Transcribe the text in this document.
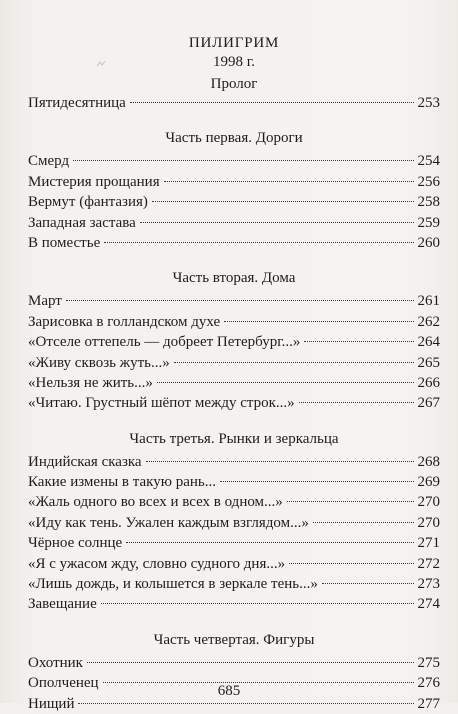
ПИЛИГРИМ
1998 г.
Пролог
Пятидесятница	253
Часть первая. Дороги
Смерд	254
Мистерия прощания	256
Вермут (фантазия)	258
Западная застава	259
В поместье	260
Часть вторая. Дома
Март	261
Зарисовка в голландском духе	262
«Отселе оттепель — добреет Петербург...»	264
«Живу сквозь жуть...»	265
«Нельзя не жить...»	266
«Читаю. Грустный шёпот между строк...»	267
Часть третья. Рынки и зеркальца
Индийская сказка	268
Какие измены в такую рань...	269
«Жаль одного во всех и всех в одном...»	270
«Иду как тень. Ужален каждым взглядом...»	270
Чёрное солнце	271
«Я с ужасом жду, словно судного дня...»	272
«Лишь дождь, и колышется в зеркале тень...»	273
Завещание	274
Часть четвертая. Фигуры
Охотник	275
Ополченец	276
Нищий	277
685
